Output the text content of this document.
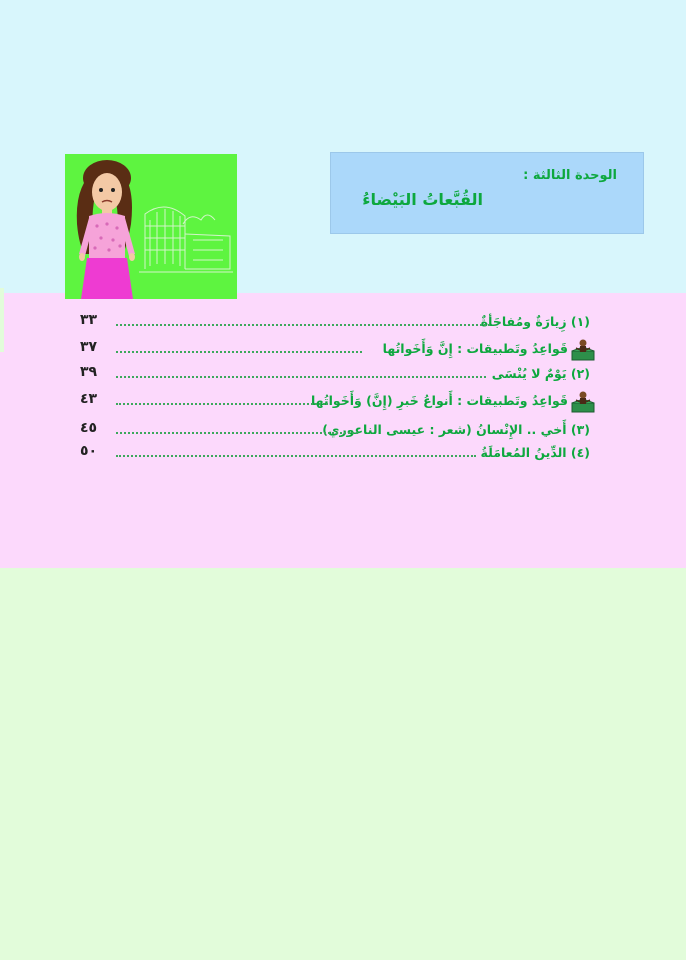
الوحدة الثالثة :
القُبَّعاتُ البَيْضاءُ
(١) زِيارَةٌ ومُفاجَأةٌ
٣٣
قَواعِدُ وتَطبيقات : إِنَّ وَأَخَواتُها
٣٧
(٢) يَوْمٌ لا يُنْسَى
٣٩
قَواعِدُ وتَطبيقات : أَنواعُ خَبرِ (إِنَّ) وَأَخَواتُها
٤٣
(٣) أَخي .. الإِنْسانُ (شعر : عيسى الناعوري)
٤٥
(٤) الدِّينُ المُعامَلَةُ
٥٠
